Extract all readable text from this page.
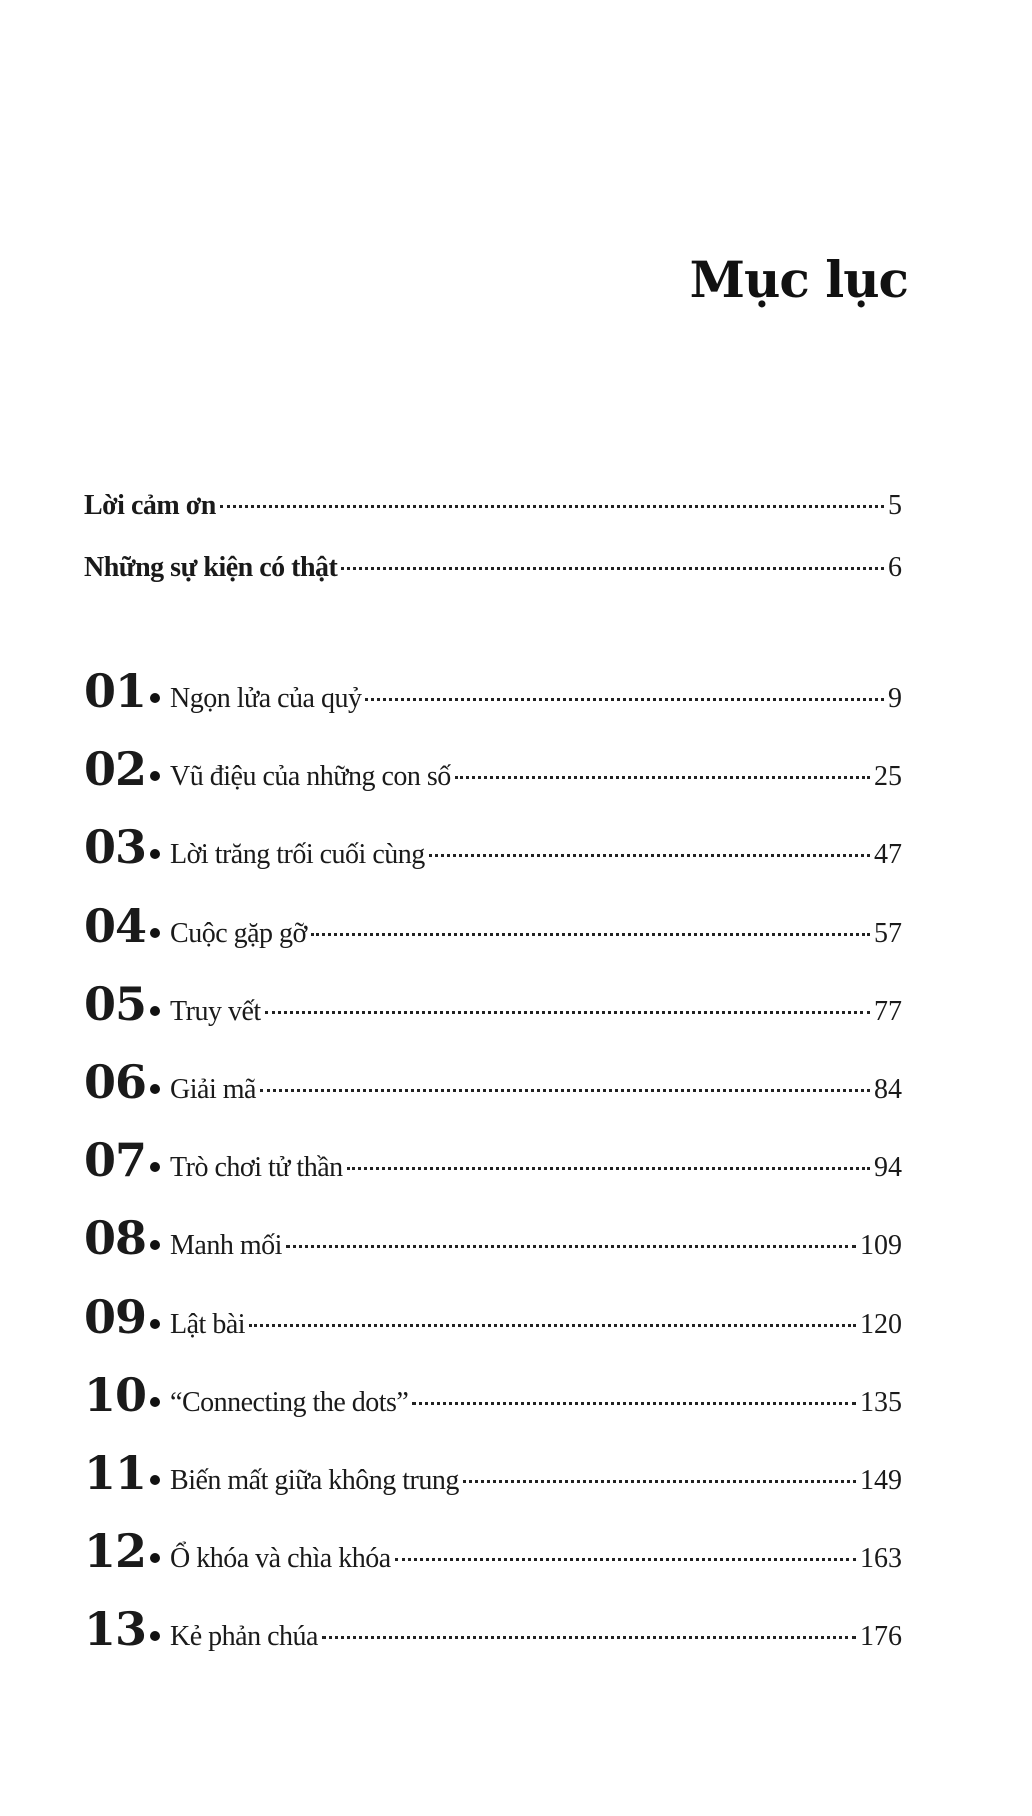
Mục lục
Lời cảm ơn	5
Những sự kiện có thật	6
01 Ngọn lửa của quỷ	9
02 Vũ điệu của những con số	25
03 Lời trăng trối cuối cùng	47
04 Cuộc gặp gỡ	57
05 Truy vết	77
06 Giải mã	84
07 Trò chơi tử thần	94
08 Manh mối	109
09 Lật bài	120
10 “Connecting the dots”	135
11 Biến mất giữa không trung	149
12 Ổ khóa và chìa khóa	163
13 Kẻ phản chúa	176
